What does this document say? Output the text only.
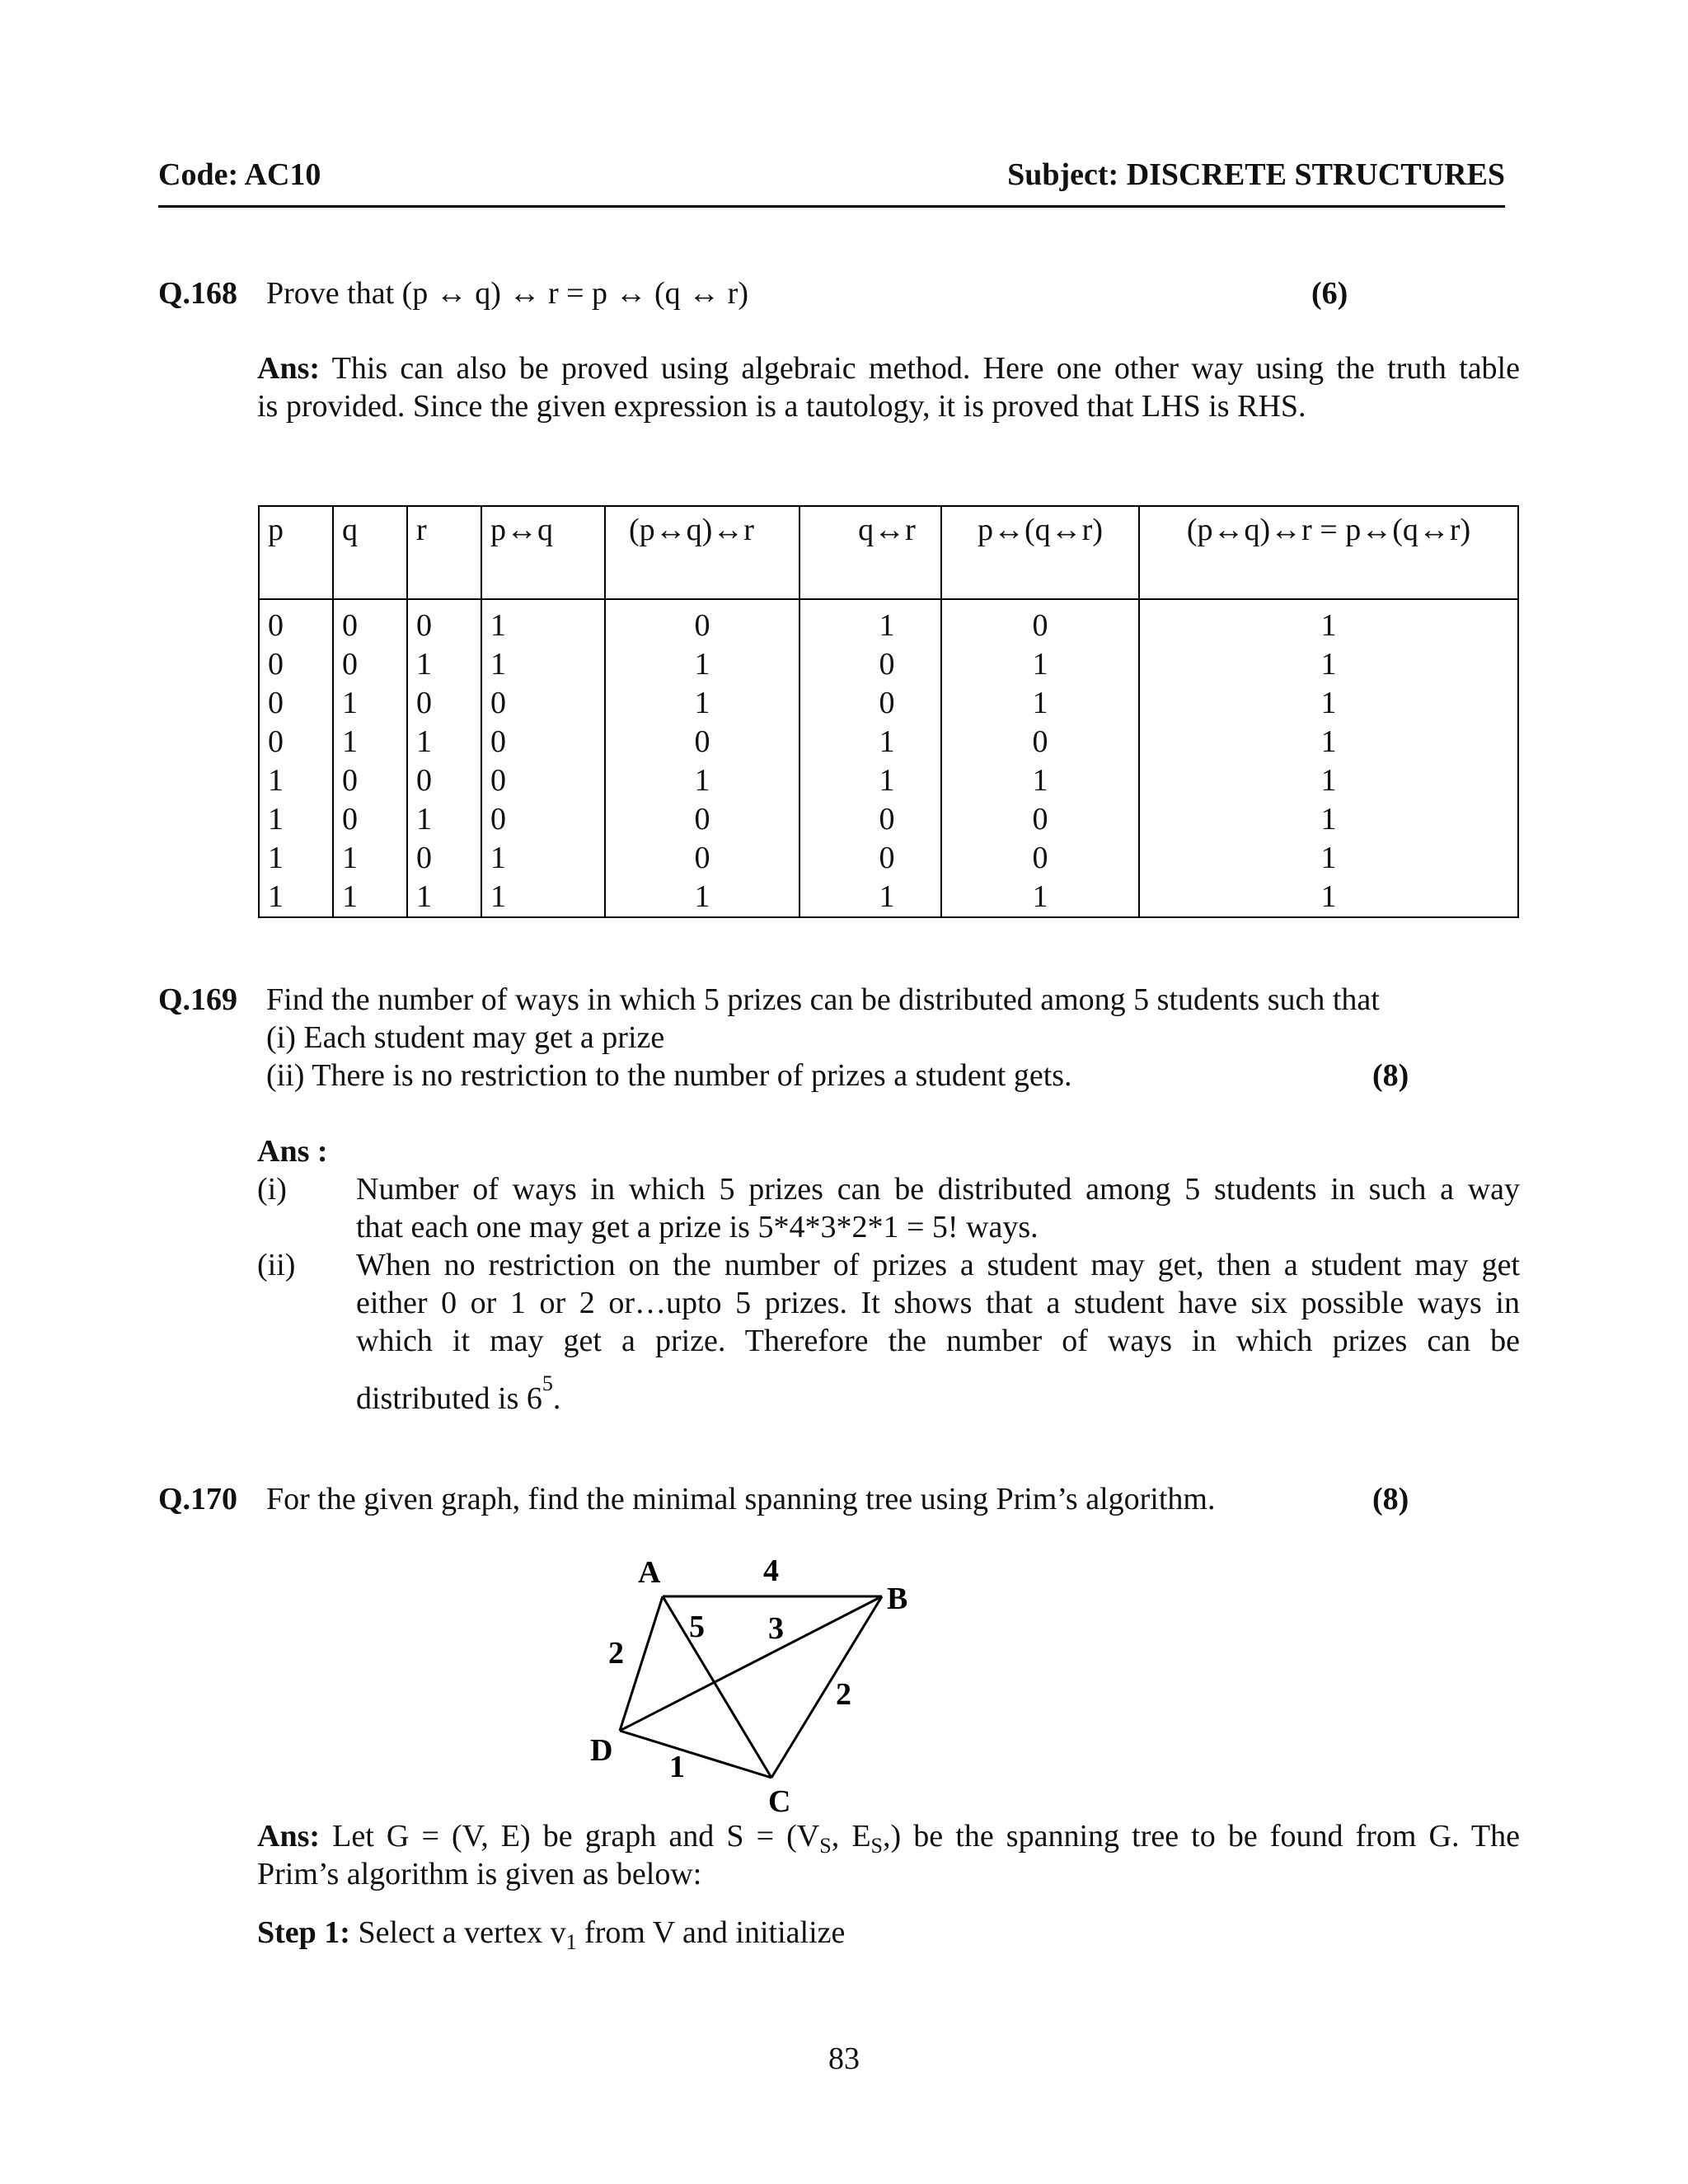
Code: AC10	Subject: DISCRETE STRUCTURES
Q.168 Prove that (p ↔ q) ↔ r = p ↔ (q ↔ r)	(6)
Ans: This can also be proved using algebraic method. Here one other way using the truth table
is provided. Since the given expression is a tautology, it is proved that LHS is RHS.
p	q	r	p↔q	(p↔q)↔r	q↔r	p↔(q↔r)	(p↔q)↔r = p↔(q↔r)
0	0	0	1	0	1	0	1
0	0	1	1	1	0	1	1
0	1	0	0	1	0	1	1
0	1	1	0	0	1	0	1
1	0	0	0	1	1	1	1
1	0	1	0	0	0	0	1
1	1	0	1	0	0	0	1
1	1	1	1	1	1	1	1
Q.169 Find the number of ways in which 5 prizes can be distributed among 5 students such that
(i) Each student may get a prize
(ii) There is no restriction to the number of prizes a student gets.	(8)
Ans :
(i) Number of ways in which 5 prizes can be distributed among 5 students in such a way
that each one may get a prize is 5*4*3*2*1 = 5! ways.
(ii) When no restriction on the number of prizes a student may get, then a student may get
either 0 or 1 or 2 or…upto 5 prizes. It shows that a student have six possible ways in
which it may get a prize. Therefore the number of ways in which prizes can be
distributed is $6^5$.
Q.170 For the given graph, find the minimal spanning tree using Prim’s algorithm.	(8)
A
B
C
D
4
2
5 3
2
1
Ans: Let G = (V, E) be graph and $S = (V_S$, $E_S$,) be the spanning tree to be found from G. The
Prim’s algorithm is given as below:
Step 1: Select a vertex $v_1$ from V and initialize
83
